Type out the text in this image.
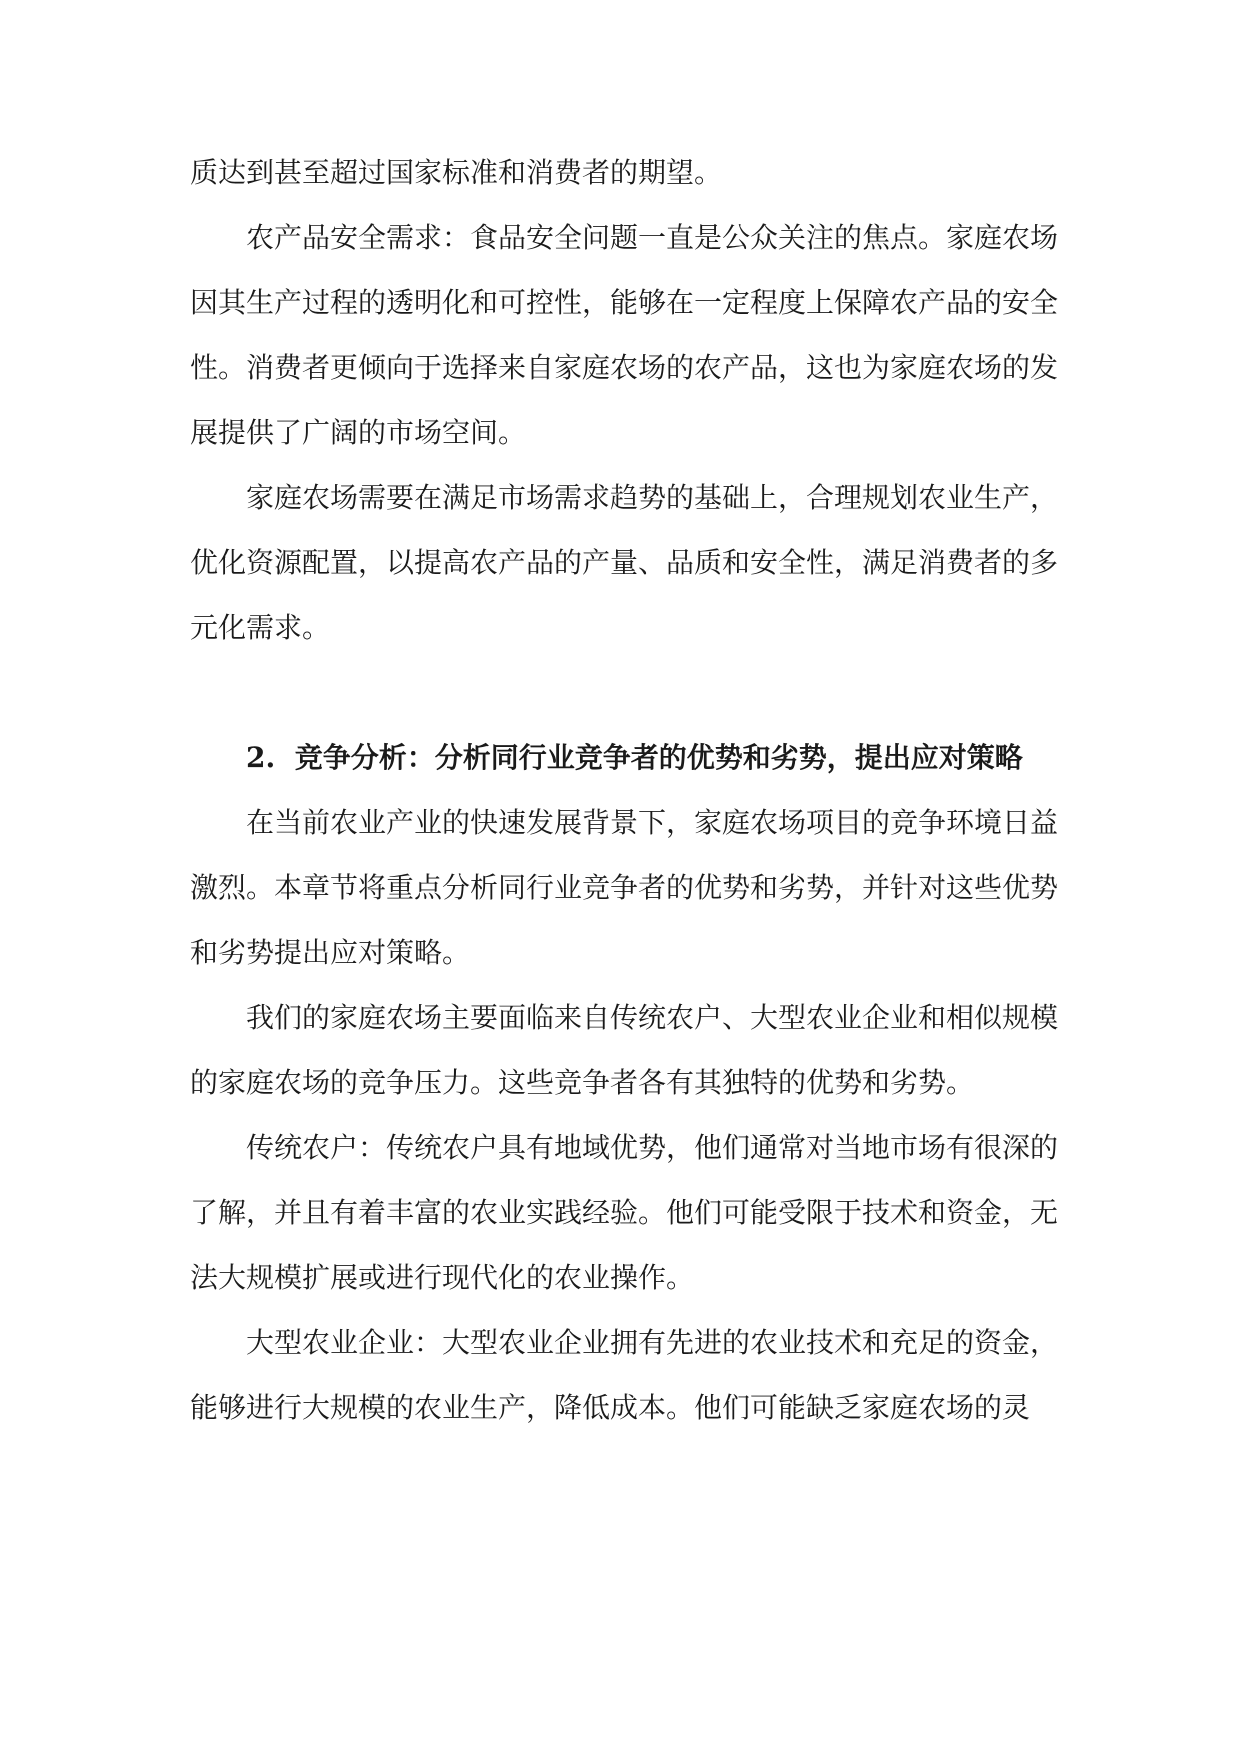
质达到甚至超过国家标准和消费者的期望。

农产品安全需求：食品安全问题一直是公众关注的焦点。家庭农场因其生产过程的透明化和可控性，能够在一定程度上保障农产品的安全性。消费者更倾向于选择来自家庭农场的农产品，这也为家庭农场的发展提供了广阔的市场空间。

家庭农场需要在满足市场需求趋势的基础上，合理规划农业生产，优化资源配置，以提高农产品的产量、品质和安全性，满足消费者的多元化需求。

2. 竞争分析：分析同行业竞争者的优势和劣势，提出应对策略

在当前农业产业的快速发展背景下，家庭农场项目的竞争环境日益激烈。本章节将重点分析同行业竞争者的优势和劣势，并针对这些优势和劣势提出应对策略。

我们的家庭农场主要面临来自传统农户、大型农业企业和相似规模的家庭农场的竞争压力。这些竞争者各有其独特的优势和劣势。

传统农户：传统农户具有地域优势，他们通常对当地市场有很深的了解，并且有着丰富的农业实践经验。他们可能受限于技术和资金，无法大规模扩展或进行现代化的农业操作。

大型农业企业：大型农业企业拥有先进的农业技术和充足的资金，能够进行大规模的农业生产，降低成本。他们可能缺乏家庭农场的灵
